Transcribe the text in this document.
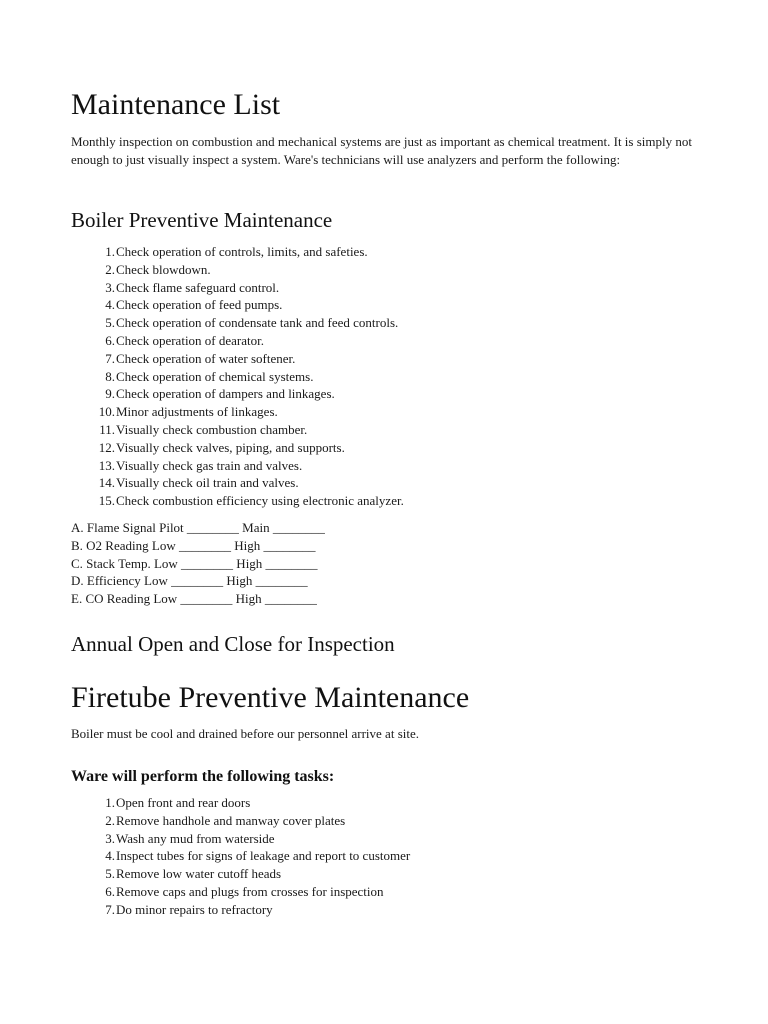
Maintenance List

Monthly inspection on combustion and mechanical systems are just as important as chemical treatment. It is simply not enough to just visually inspect a system. Ware's technicians will use analyzers and perform the following:

Boiler Preventive Maintenance
1. Check operation of controls, limits, and safeties.
2. Check blowdown.
3. Check flame safeguard control.
4. Check operation of feed pumps.
5. Check operation of condensate tank and feed controls.
6. Check operation of dearator.
7. Check operation of water softener.
8. Check operation of chemical systems.
9. Check operation of dampers and linkages.
10. Minor adjustments of linkages.
11. Visually check combustion chamber.
12. Visually check valves, piping, and supports.
13. Visually check gas train and valves.
14. Visually check oil train and valves.
15. Check combustion efficiency using electronic analyzer.
A. Flame Signal Pilot ________ Main ________
B. O2 Reading Low ________ High ________
C. Stack Temp. Low ________ High ________
D. Efficiency Low ________ High ________
E. CO Reading Low ________ High ________
Annual Open and Close for Inspection
Firetube Preventive Maintenance

Boiler must be cool and drained before our personnel arrive at site.

Ware will perform the following tasks:
1. Open front and rear doors
2. Remove handhole and manway cover plates
3. Wash any mud from waterside
4. Inspect tubes for signs of leakage and report to customer
5. Remove low water cutoff heads
6. Remove caps and plugs from crosses for inspection
7. Do minor repairs to refractory
